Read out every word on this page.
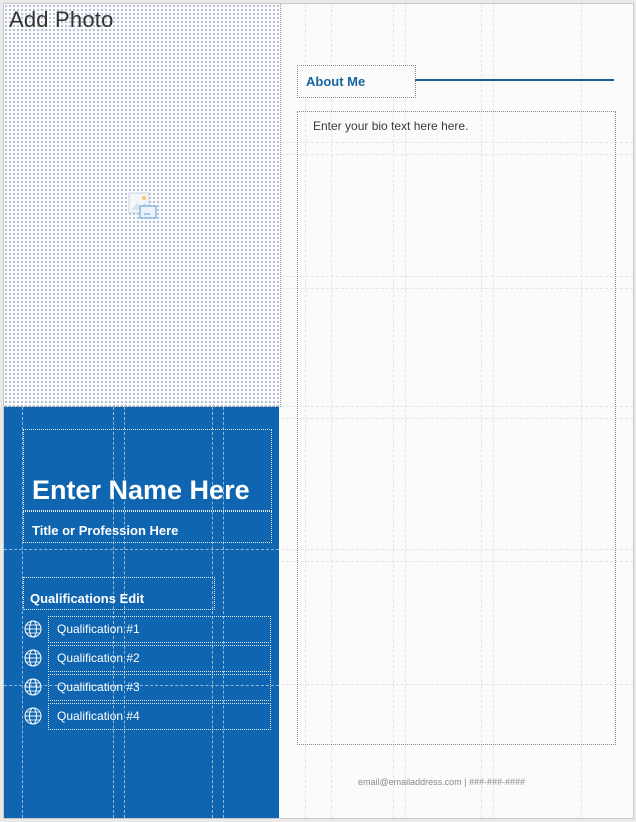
Add Photo
Enter Name Here
Title or Profession Here
Qualifications Edit
Qualification #1
Qualification #2
Qualification #3
Qualification #4
About Me
Enter your bio text here here.
email@emailaddress.com | ###-###-####
